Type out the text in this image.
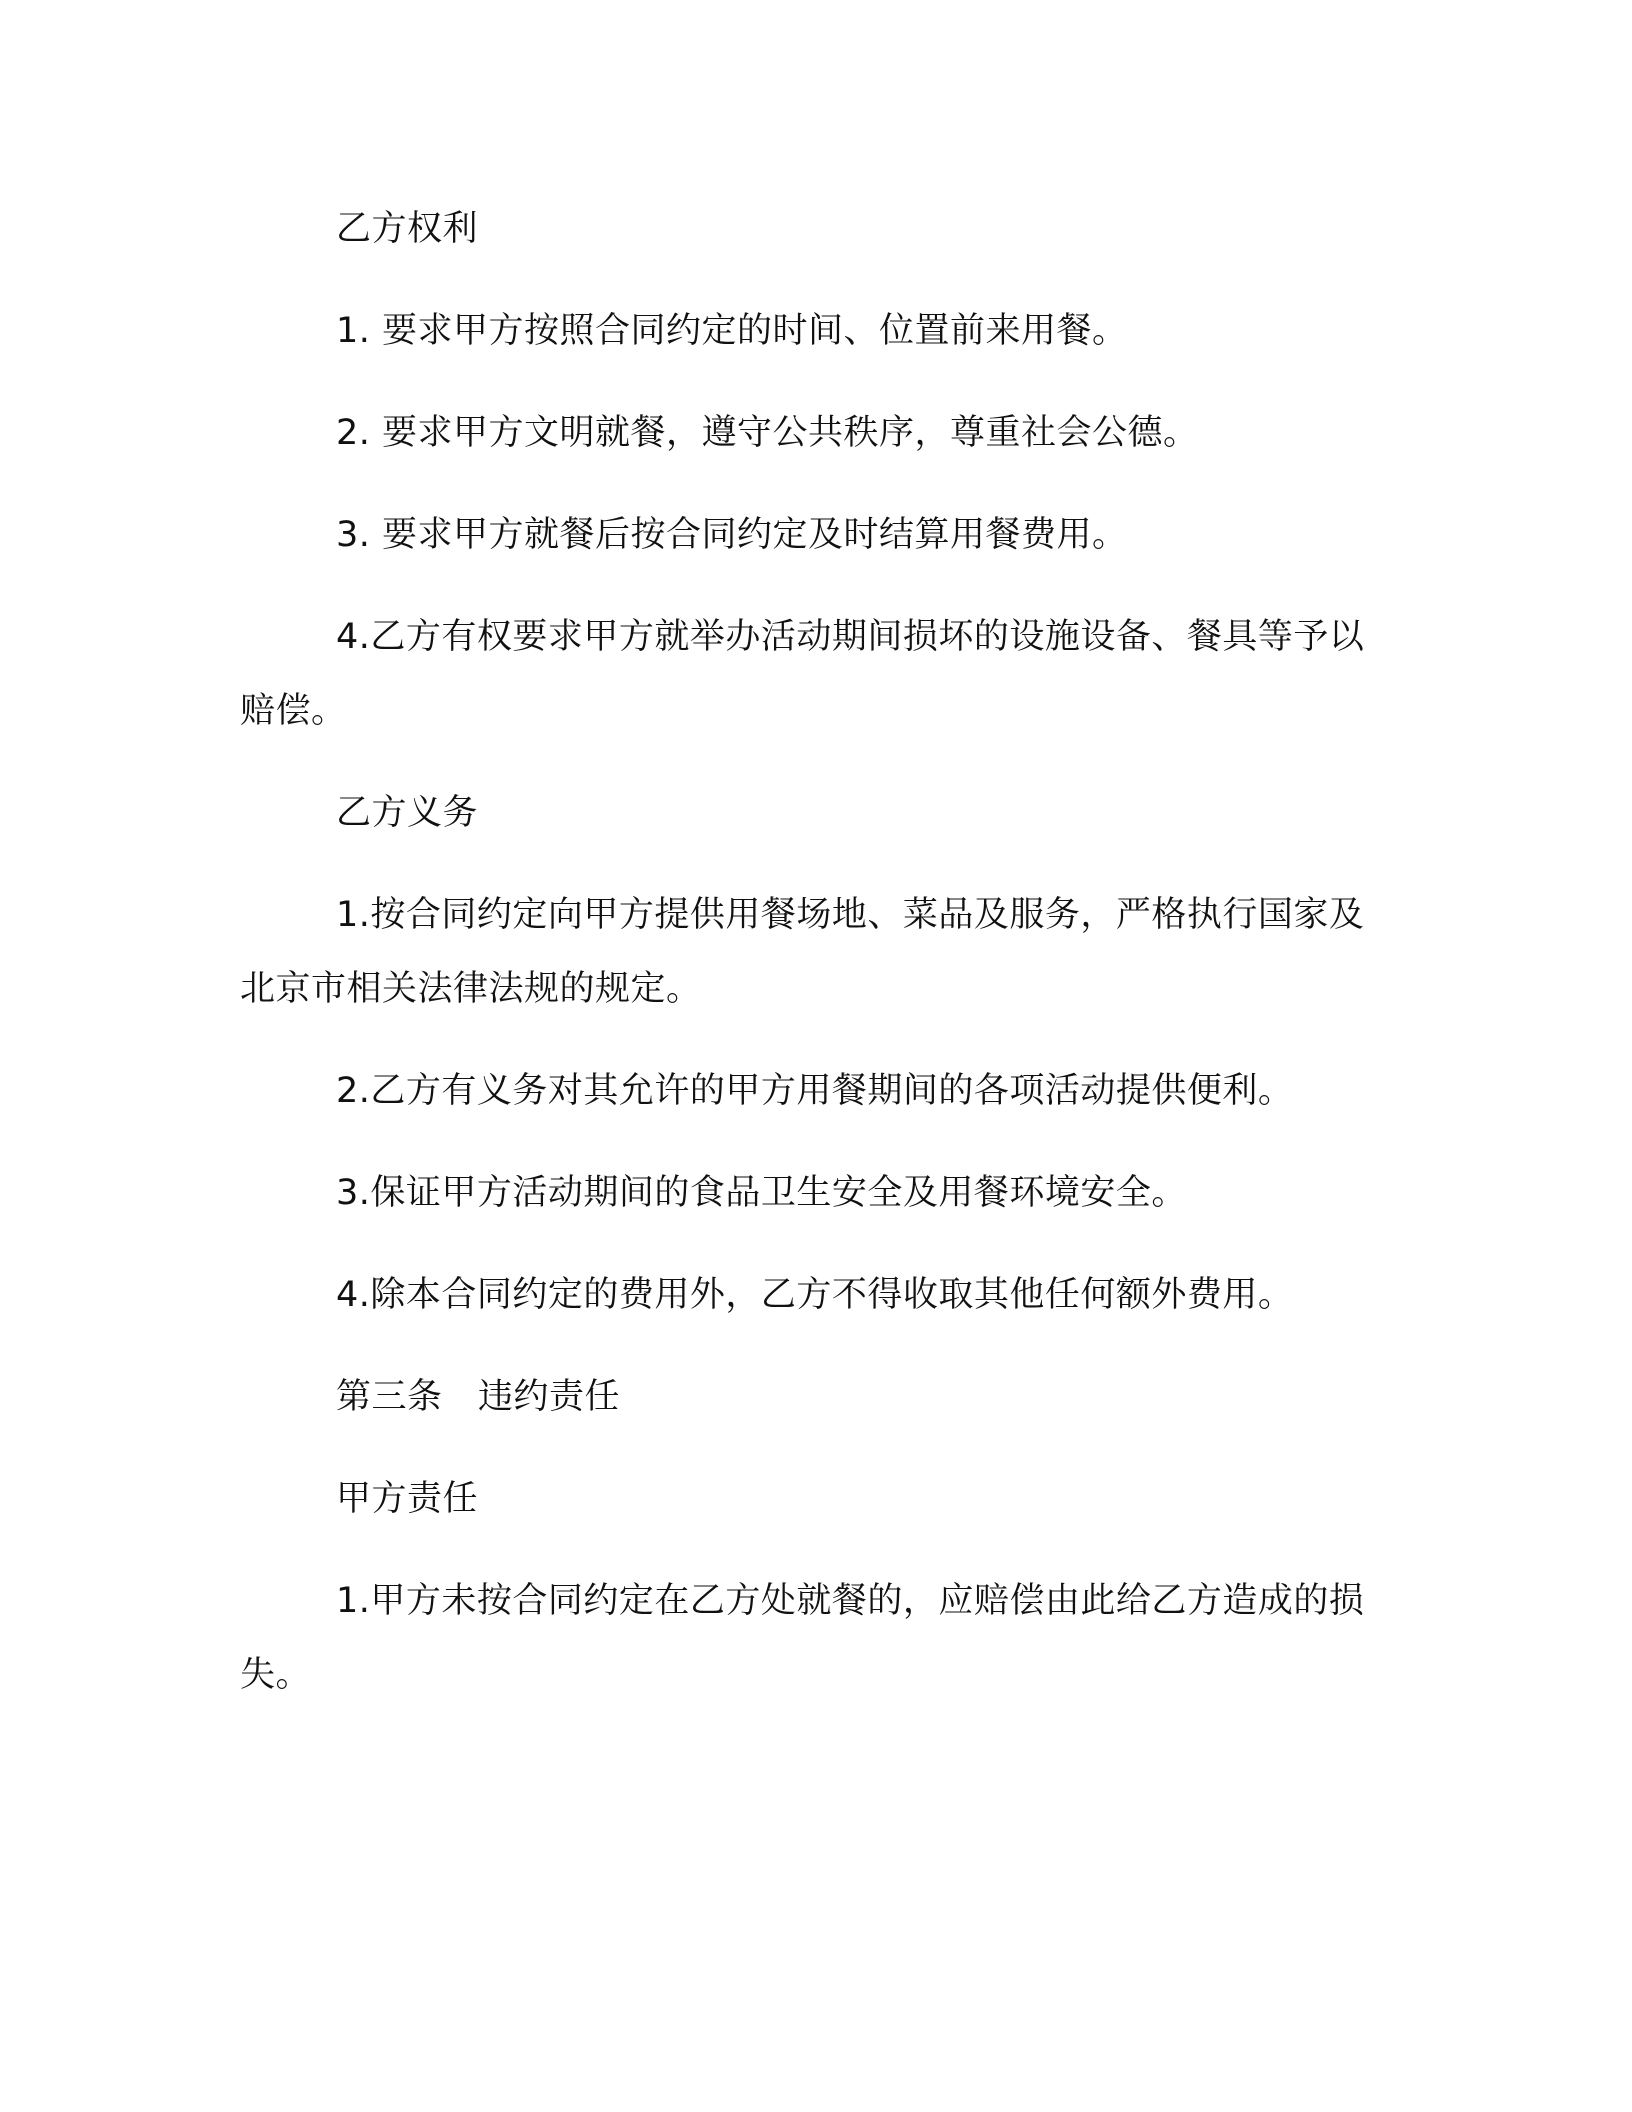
乙方权利

1. 要求甲方按照合同约定的时间、位置前来用餐。

2. 要求甲方文明就餐，遵守公共秩序，尊重社会公德。

3. 要求甲方就餐后按合同约定及时结算用餐费用。

4.乙方有权要求甲方就举办活动期间损坏的设施设备、餐具等予以赔偿。

乙方义务

1.按合同约定向甲方提供用餐场地、菜品及服务，严格执行国家及北京市相关法律法规的规定。

2.乙方有义务对其允许的甲方用餐期间的各项活动提供便利。

3.保证甲方活动期间的食品卫生安全及用餐环境安全。

4.除本合同约定的费用外，乙方不得收取其他任何额外费用。

第三条　违约责任

甲方责任

1.甲方未按合同约定在乙方处就餐的，应赔偿由此给乙方造成的损失。
